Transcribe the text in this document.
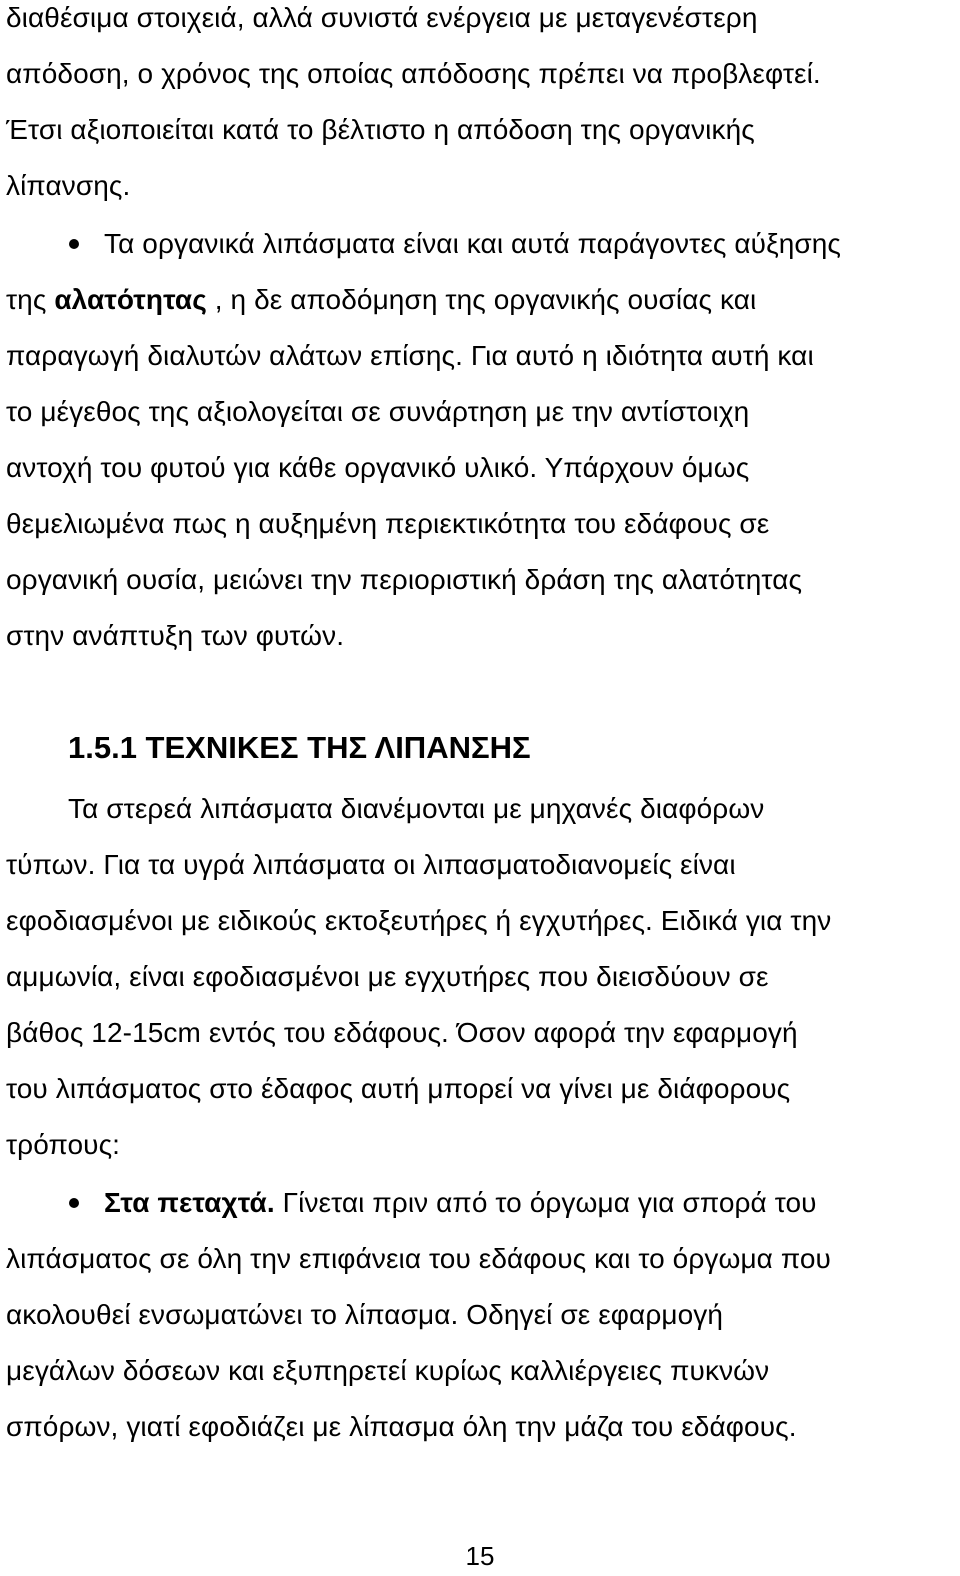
διαθέσιμα στοιχειά, αλλά συνιστά ενέργεια με μεταγενέστερη
απόδοση, ο χρόνος της οποίας απόδοσης πρέπει να προβλεφτεί.
Έτσι αξιοποιείται κατά το βέλτιστο η απόδοση της οργανικής
λίπανσης.
Τα οργανικά λιπάσματα είναι και αυτά παράγοντες αύξησης
της αλατότητας , η δε αποδόμηση της οργανικής ουσίας και
παραγωγή διαλυτών αλάτων επίσης. Για αυτό η ιδιότητα αυτή και
το μέγεθος της αξιολογείται σε συνάρτηση με την αντίστοιχη
αντοχή του φυτού για κάθε οργανικό υλικό. Υπάρχουν όμως
θεμελιωμένα πως η αυξημένη περιεκτικότητα του εδάφους σε
οργανική ουσία, μειώνει την περιοριστική δράση της αλατότητας
στην ανάπτυξη των φυτών.
1.5.1 ΤΕΧΝΙΚΕΣ ΤΗΣ ΛΙΠΑΝΣΗΣ
Τα στερεά λιπάσματα διανέμονται με μηχανές διαφόρων
τύπων. Για τα υγρά λιπάσματα οι λιπασματοδιανομείς είναι
εφοδιασμένοι με ειδικούς εκτοξευτήρες ή εγχυτήρες. Ειδικά για την
αμμωνία, είναι εφοδιασμένοι με εγχυτήρες που διεισδύουν σε
βάθος 12-15cm εντός του εδάφους. Όσον αφορά την εφαρμογή
του λιπάσματος στο έδαφος αυτή μπορεί να γίνει με διάφορους
τρόπους:
Στα πεταχτά. Γίνεται πριν από το όργωμα για σπορά του
λιπάσματος σε όλη την επιφάνεια του εδάφους και το όργωμα που
ακολουθεί ενσωματώνει το λίπασμα. Οδηγεί σε εφαρμογή
μεγάλων δόσεων και εξυπηρετεί κυρίως καλλιέργειες πυκνών
σπόρων, γιατί εφοδιάζει με λίπασμα όλη την μάζα του εδάφους.
15
